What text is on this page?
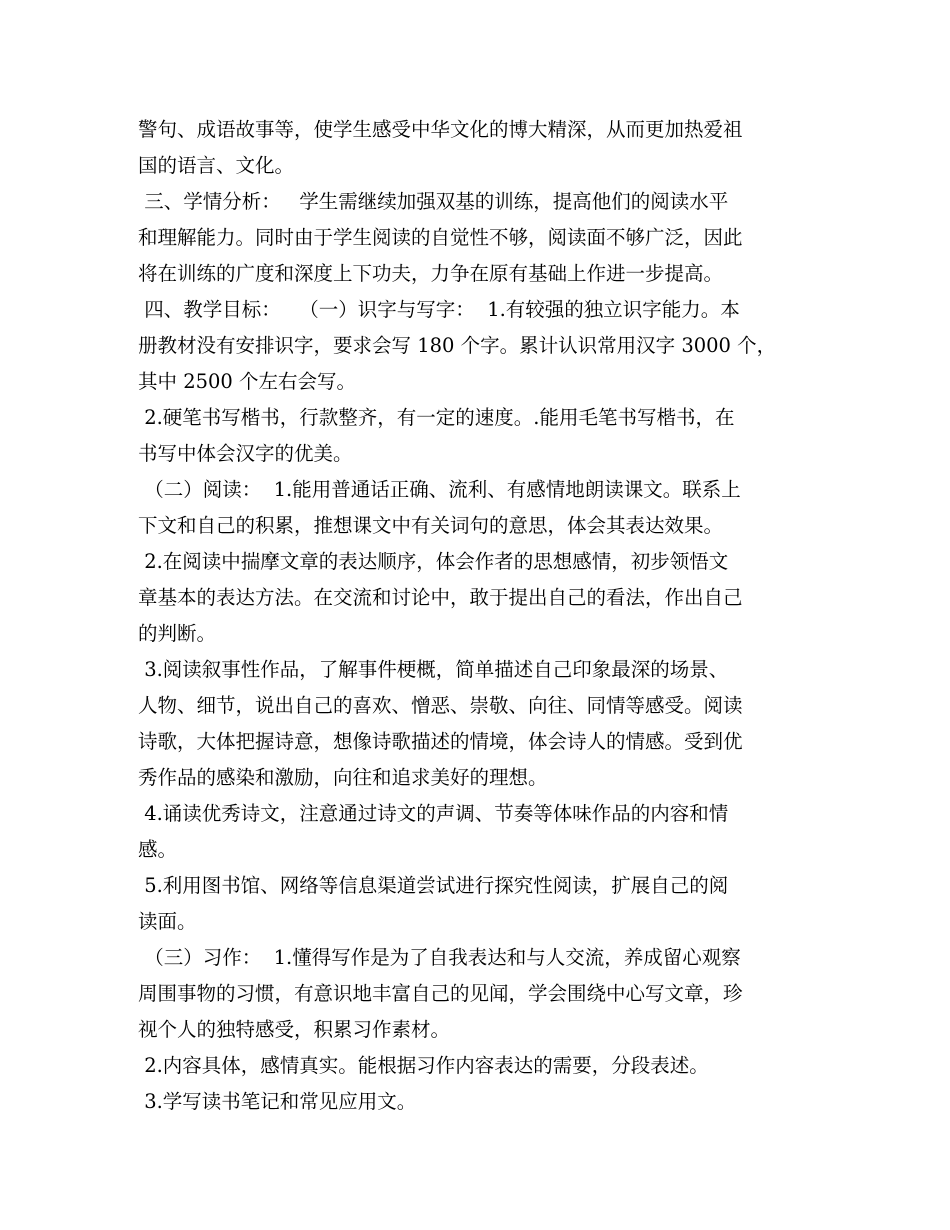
警句、成语故事等，使学生感受中华文化的博大精深，从而更加热爱祖
国的语言、文化。
三、学情分析：   学生需继续加强双基的训练，提高他们的阅读水平
和理解能力。同时由于学生阅读的自觉性不够，阅读面不够广泛，因此
将在训练的广度和深度上下功夫，力争在原有基础上作进一步提高。
四、教学目标：   （一）识字与写字：  1.有较强的独立识字能力。本
册教材没有安排识字，要求会写 180 个字。累计认识常用汉字 3000 个，
其中 2500 个左右会写。
2.硬笔书写楷书，行款整齐，有一定的速度。.能用毛笔书写楷书，在
书写中体会汉字的优美。
（二）阅读：  1.能用普通话正确、流利、有感情地朗读课文。联系上
下文和自己的积累，推想课文中有关词句的意思，体会其表达效果。
2.在阅读中揣摩文章的表达顺序，体会作者的思想感情，初步领悟文
章基本的表达方法。在交流和讨论中，敢于提出自己的看法，作出自己
的判断。
3.阅读叙事性作品，了解事件梗概，简单描述自己印象最深的场景、
人物、细节，说出自己的喜欢、憎恶、崇敬、向往、同情等感受。阅读
诗歌，大体把握诗意，想像诗歌描述的情境，体会诗人的情感。受到优
秀作品的感染和激励，向往和追求美好的理想。
4.诵读优秀诗文，注意通过诗文的声调、节奏等体味作品的内容和情
感。
5.利用图书馆、网络等信息渠道尝试进行探究性阅读，扩展自己的阅
读面。
（三）习作：  1.懂得写作是为了自我表达和与人交流，养成留心观察
周围事物的习惯，有意识地丰富自己的见闻，学会围绕中心写文章，珍
视个人的独特感受，积累习作素材。
2.内容具体，感情真实。能根据习作内容表达的需要，分段表述。
3.学写读书笔记和常见应用文。
